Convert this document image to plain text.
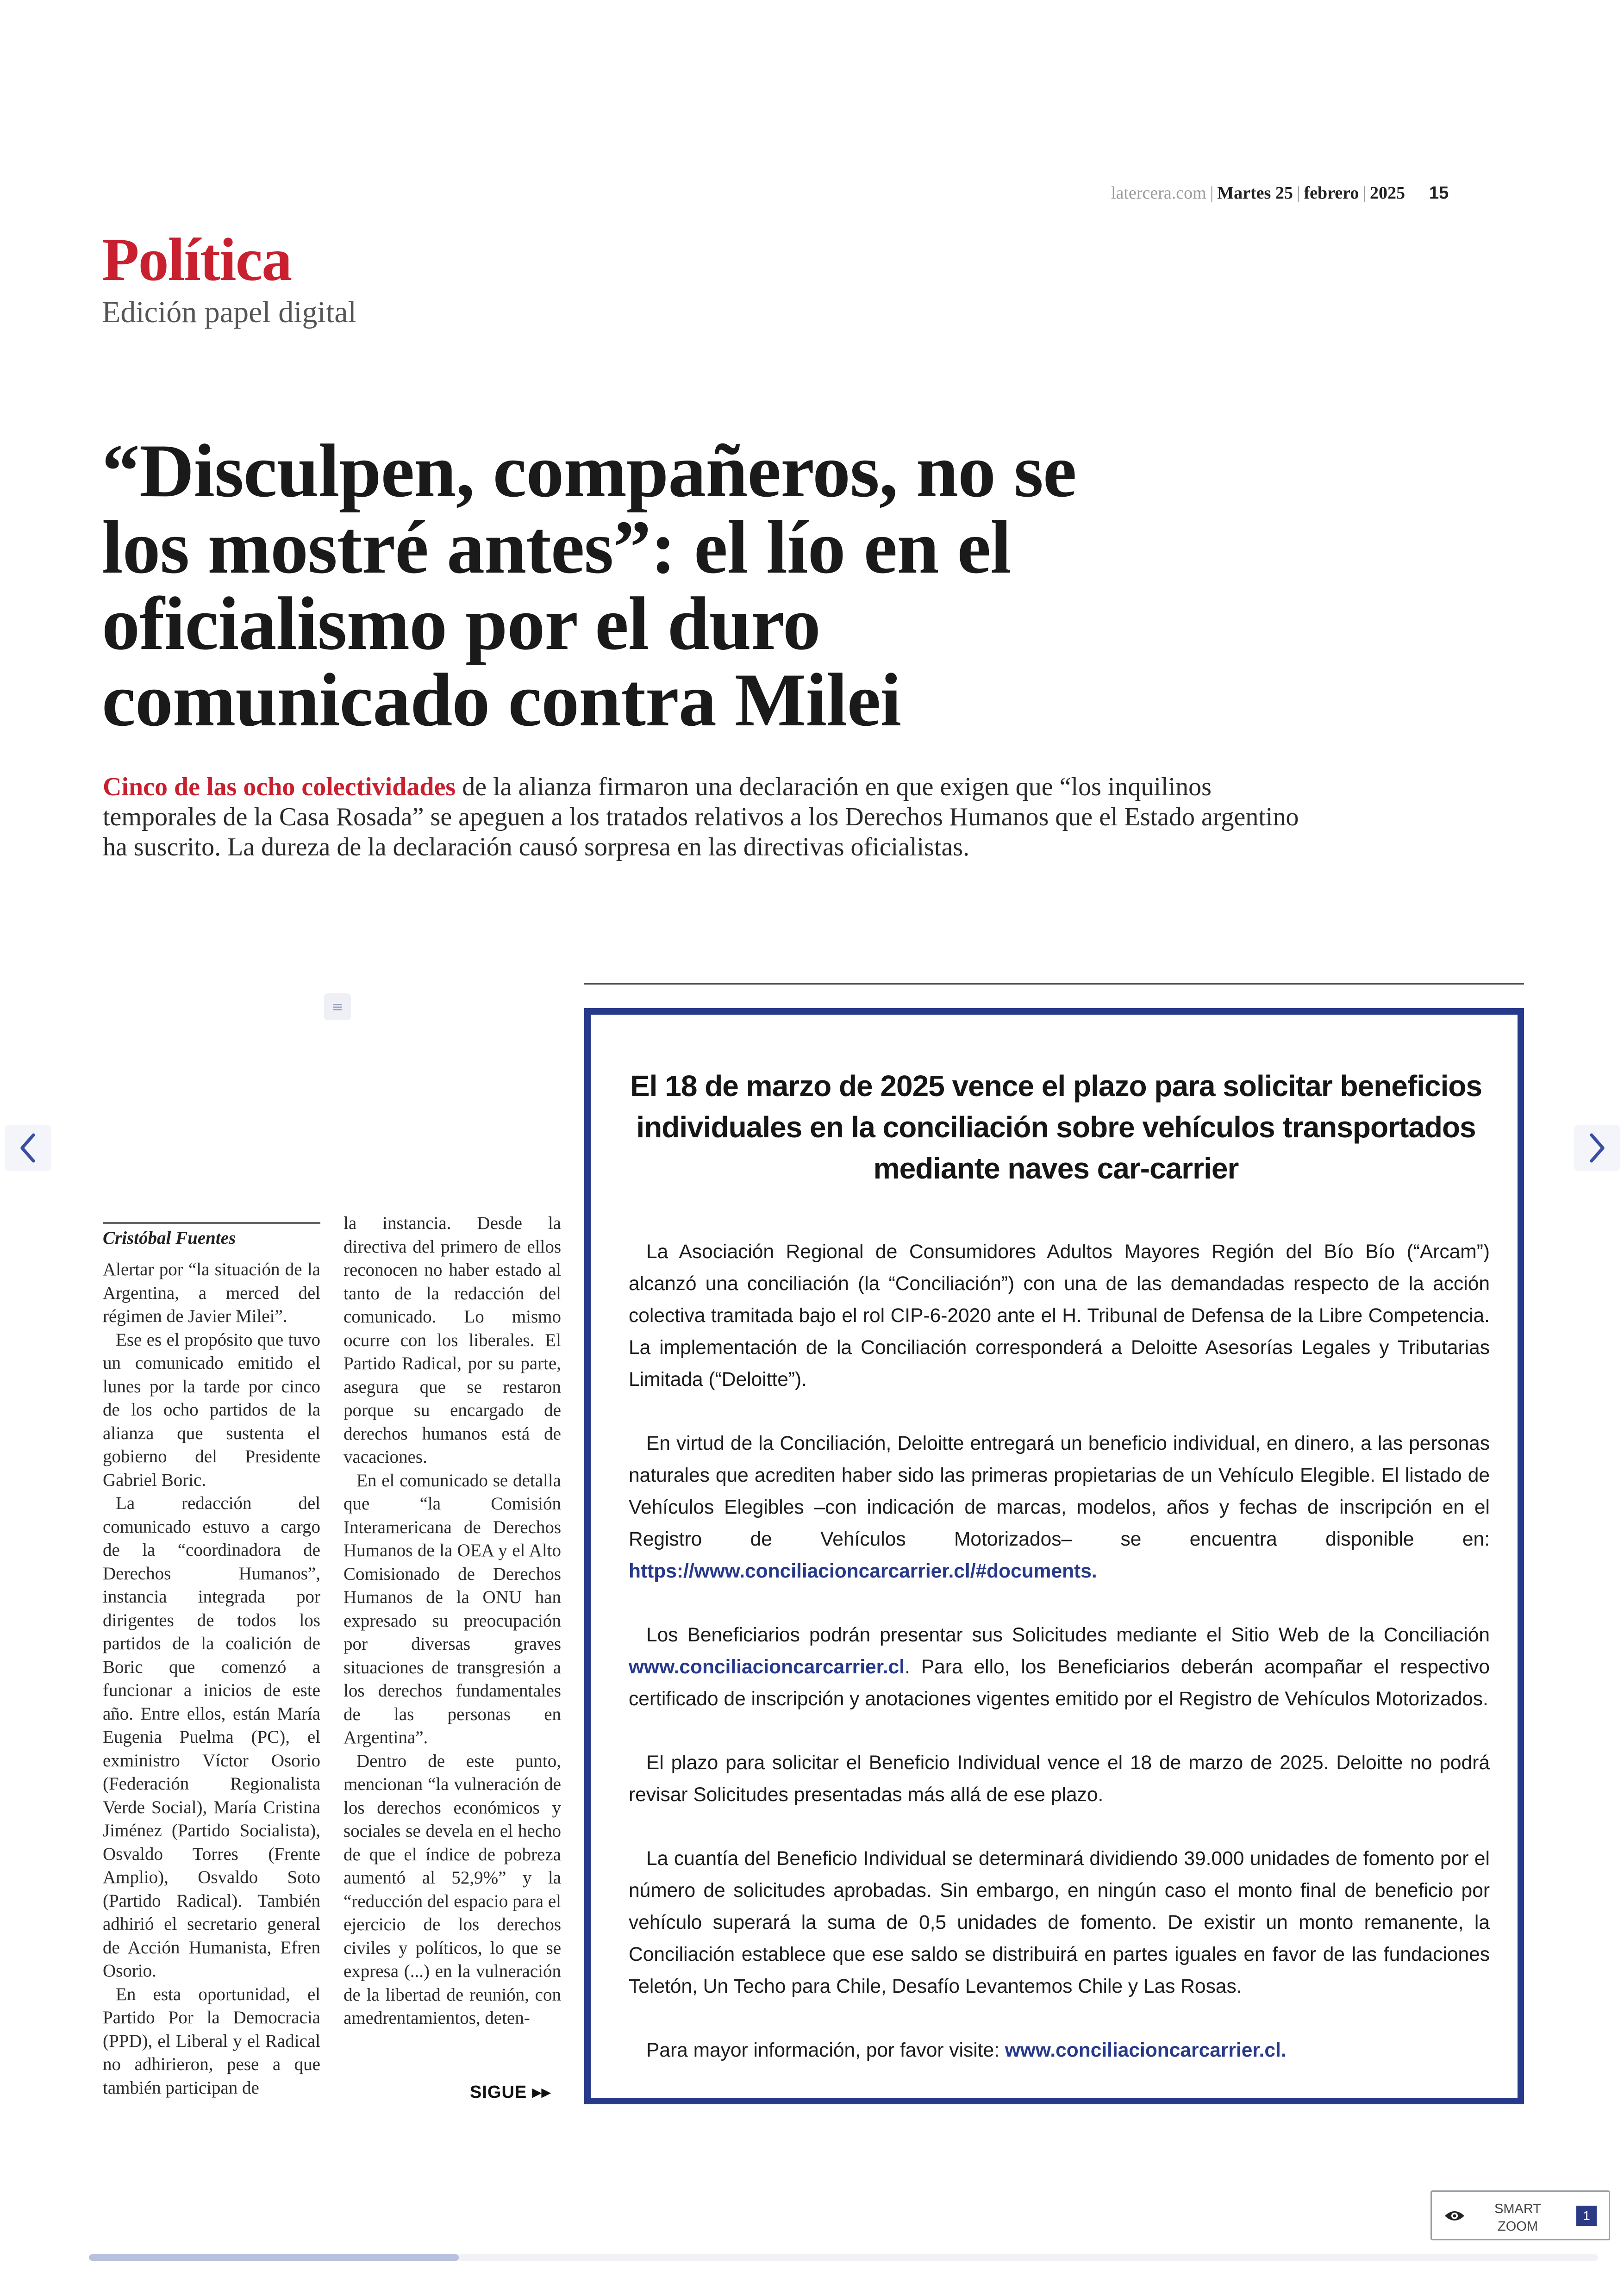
latercera.com | Martes 25 | febrero | 2025 15
Política
Edición papel digital
“Disculpen, compañeros, no se los mostré antes”: el lío en el oficialismo por el duro comunicado contra Milei
Cinco de las ocho colectividades de la alianza firmaron una declaración en que exigen que “los inquilinos temporales de la Casa Rosada” se apeguen a los tratados relativos a los Derechos Humanos que el Estado argentino ha suscrito. La dureza de la declaración causó sorpresa en las directivas oficialistas.
≡
Cristóbal Fuentes

Alertar por “la situación de la Argentina, a merced del régimen de Javier Milei”.

Ese es el propósito que tuvo un comunicado emitido el lunes por la tarde por cinco de los ocho partidos de la alianza que sustenta el gobierno del Presidente Gabriel Boric.

La redacción del comunicado estuvo a cargo de la “coordinadora de Derechos Humanos”, instancia integrada por dirigentes de todos los partidos de la coalición de Boric que comenzó a funcionar a inicios de este año. Entre ellos, están María Eugenia Puelma (PC), el exministro Víctor Osorio (Federación Regionalista Verde Social), María Cristina Jiménez (Partido Socialista), Osvaldo Torres (Frente Amplio), Osvaldo Soto (Partido Radical). También adhirió el secretario general de Acción Humanista, Efren Osorio.

En esta oportunidad, el Partido Por la Democracia (PPD), el Liberal y el Radical no adhirieron, pese a que también participan de

la instancia. Desde la directiva del primero de ellos reconocen no haber estado al tanto de la redacción del comunicado. Lo mismo ocurre con los liberales. El Partido Radical, por su parte, asegura que se restaron porque su encargado de derechos humanos está de vacaciones.

En el comunicado se detalla que “la Comisión Interamericana de Derechos Humanos de la OEA y el Alto Comisionado de Derechos Humanos de la ONU han expresado su preocupación por diversas graves situaciones de transgresión a los derechos fundamentales de las personas en Argentina”.

Dentro de este punto, mencionan “la vulneración de los derechos económicos y sociales se devela en el hecho de que el índice de pobreza aumentó al 52,9%” y la “reducción del espacio para el ejercicio de los derechos civiles y políticos, lo que se expresa (...) en la vulneración de la libertad de reunión, con amedrentamientos, deten-

SIGUE ▸▸
El 18 de marzo de 2025 vence el plazo para solicitar beneficios individuales en la conciliación sobre vehículos transportados mediante naves car-carrier

La Asociación Regional de Consumidores Adultos Mayores Región del Bío Bío (“Arcam”) alcanzó una conciliación (la “Conciliación”) con una de las demandadas respecto de la acción colectiva tramitada bajo el rol CIP-6-2020 ante el H. Tribunal de Defensa de la Libre Competencia. La implementación de la Conciliación corresponderá a Deloitte Asesorías Legales y Tributarias Limitada (“Deloitte”).

En virtud de la Conciliación, Deloitte entregará un beneficio individual, en dinero, a las personas naturales que acrediten haber sido las primeras propietarias de un Vehículo Elegible. El listado de Vehículos Elegibles –con indicación de marcas, modelos, años y fechas de inscripción en el Registro de Vehículos Motorizados– se encuentra disponible en: https://www.conciliacioncarcarrier.cl/#documents.

Los Beneficiarios podrán presentar sus Solicitudes mediante el Sitio Web de la Conciliación www.conciliacioncarcarrier.cl. Para ello, los Beneficiarios deberán acompañar el respectivo certificado de inscripción y anotaciones vigentes emitido por el Registro de Vehículos Motorizados.

El plazo para solicitar el Beneficio Individual vence el 18 de marzo de 2025. Deloitte no podrá revisar Solicitudes presentadas más allá de ese plazo.

La cuantía del Beneficio Individual se determinará dividiendo 39.000 unidades de fomento por el número de solicitudes aprobadas. Sin embargo, en ningún caso el monto final de beneficio por vehículo superará la suma de 0,5 unidades de fomento. De existir un monto remanente, la Conciliación establece que ese saldo se distribuirá en partes iguales en favor de las fundaciones Teletón, Un Techo para Chile, Desafío Levantemos Chile y Las Rosas.

Para mayor información, por favor visite: www.conciliacioncarcarrier.cl.

SMART
ZOOM
1
